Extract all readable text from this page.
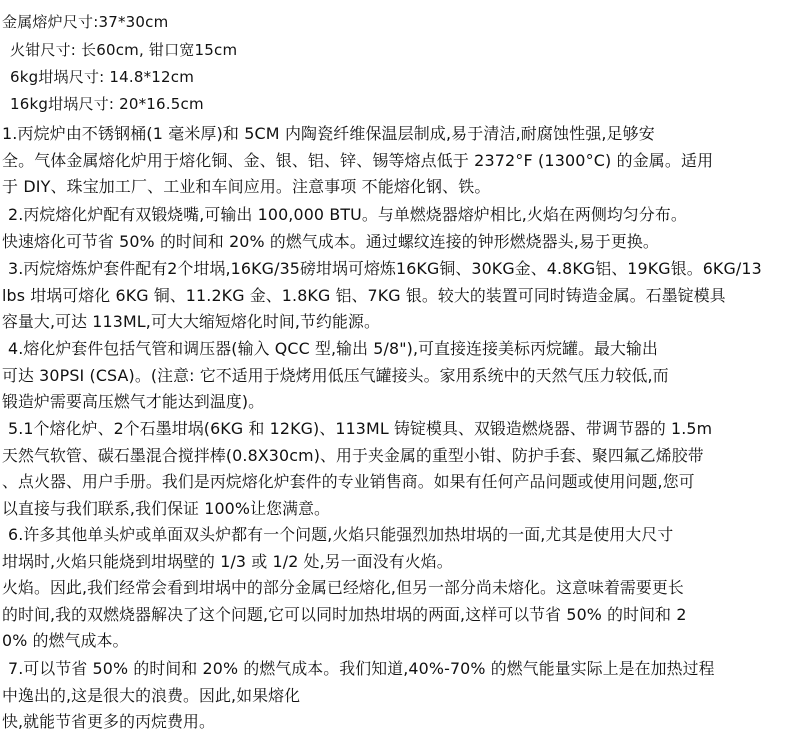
金属熔炉尺寸:37*30cm
火钳尺寸: 长60cm, 钳口宽15cm
6kg坩埚尺寸: 14.8*12cm
16kg坩埚尺寸: 20*16.5cm
1.丙烷炉由不锈钢桶(1 毫米厚)和 5CM 内陶瓷纤维保温层制成,易于清洁,耐腐蚀性强,足够安
全。气体金属熔化炉用于熔化铜、金、银、铝、锌、锡等熔点低于 2372°F (1300°C) 的金属。适用
于 DIY、珠宝加工厂、工业和车间应用。注意事项 不能熔化钢、铁。
2.丙烷熔化炉配有双锻烧嘴,可输出 100,000 BTU。与单燃烧器熔炉相比,火焰在两侧均匀分布。
快速熔化可节省 50% 的时间和 20% 的燃气成本。通过螺纹连接的钟形燃烧器头,易于更换。
3.丙烷熔炼炉套件配有2个坩埚,16KG/35磅坩埚可熔炼16KG铜、30KG金、4.8KG铝、19KG银。6KG/13
lbs 坩埚可熔化 6KG 铜、11.2KG 金、1.8KG 铝、7KG 银。较大的装置可同时铸造金属。石墨锭模具
容量大,可达 113ML,可大大缩短熔化时间,节约能源。
4.熔化炉套件包括气管和调压器(输入 QCC 型,输出 5/8"),可直接连接美标丙烷罐。最大输出
可达 30PSI (CSA)。(注意: 它不适用于烧烤用低压气罐接头。家用系统中的天然气压力较低,而
锻造炉需要高压燃气才能达到温度)。
5.1个熔化炉、2个石墨坩埚(6KG 和 12KG)、113ML 铸锭模具、双锻造燃烧器、带调节器的 1.5m
天然气软管、碳石墨混合搅拌棒(0.8X30cm)、用于夹金属的重型小钳、防护手套、聚四氟乙烯胶带
、点火器、用户手册。我们是丙烷熔化炉套件的专业销售商。如果有任何产品问题或使用问题,您可
以直接与我们联系,我们保证 100%让您满意。
6.许多其他单头炉或单面双头炉都有一个问题,火焰只能强烈加热坩埚的一面,尤其是使用大尺寸
坩埚时,火焰只能烧到坩埚壁的 1/3 或 1/2 处,另一面没有火焰。
火焰。因此,我们经常会看到坩埚中的部分金属已经熔化,但另一部分尚未熔化。这意味着需要更长
的时间,我的双燃烧器解决了这个问题,它可以同时加热坩埚的两面,这样可以节省 50% 的时间和 2
0% 的燃气成本。
7.可以节省 50% 的时间和 20% 的燃气成本。我们知道,40%-70% 的燃气能量实际上是在加热过程
中逸出的,这是很大的浪费。因此,如果熔化
快,就能节省更多的丙烷费用。
